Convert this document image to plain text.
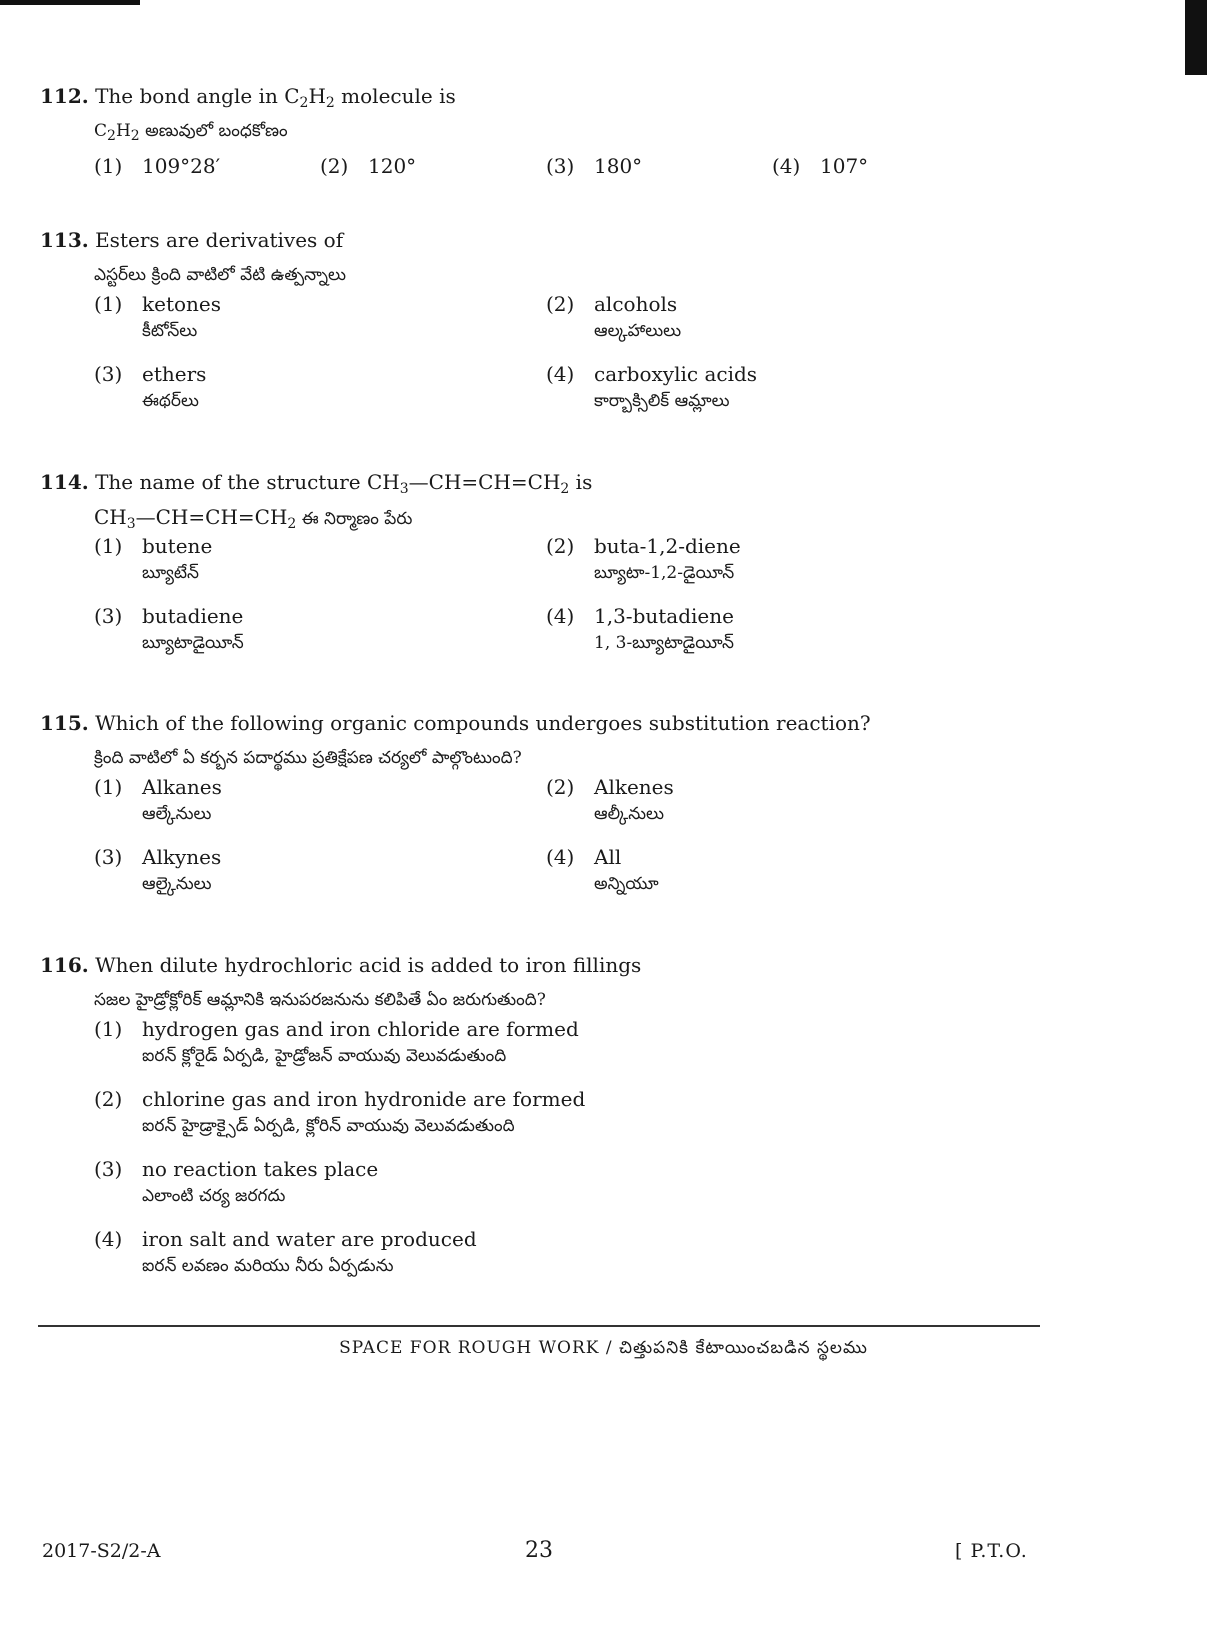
112. The bond angle in $C_2H_2$ molecule is
$C_2H_2$ అణువులో బంధకోణం
(1) 109°28′	(2) 120°	(3) 180°	(4) 107°
113. Esters are derivatives of
ఎస్టర్‌లు క్రింది వాటిలో వేటి ఉత్పన్నాలు
(1) ketones
కీటోన్‌లు
(2) alcohols
ఆల్కహాలులు
(3) ethers
ఈథర్‌లు
(4) carboxylic acids
కార్బాక్సిలిక్ ఆమ్లాలు
114. The name of the structure $CH_3—CH=CH=CH_2$ is
$CH_3—CH=CH=CH_2$ ఈ నిర్మాణం పేరు
(1) butene
బ్యూటేన్
(2) buta-1,2-diene
బ్యూటా-1,2-డైయీన్
(3) butadiene
బ్యూటాడైయీన్
(4) 1,3-butadiene
1, 3-బ్యూటాడైయీన్
115. Which of the following organic compounds undergoes substitution reaction?
క్రింది వాటిలో ఏ కర్బన పదార్థము ప్రతిక్షేపణ చర్యలో పాల్గొంటుంది?
(1) Alkanes
ఆల్కేనులు
(2) Alkenes
ఆల్కీనులు
(3) Alkynes
ఆల్కైనులు
(4) All
అన్నియూ
116. When dilute hydrochloric acid is added to iron fillings
సజల హైడ్రోక్లోరిక్ ఆమ్లానికి ఇనుపరజనును కలిపితే ఏం జరుగుతుంది?
(1) hydrogen gas and iron chloride are formed
ఐరన్ క్లోరైడ్ ఏర్పడి, హైడ్రోజన్ వాయువు వెలువడుతుంది
(2) chlorine gas and iron hydronide are formed
ఐరన్ హైడ్రాక్సైడ్ ఏర్పడి, క్లోరిన్ వాయువు వెలువడుతుంది
(3) no reaction takes place
ఎలాంటి చర్య జరగదు
(4) iron salt and water are produced
ఐరన్ లవణం మరియు నీరు ఏర్పడును
SPACE FOR ROUGH WORK / చిత్తుపనికి కేటాయించబడిన స్థలము
2017-S2/2-A	23	[ P.T.O.
